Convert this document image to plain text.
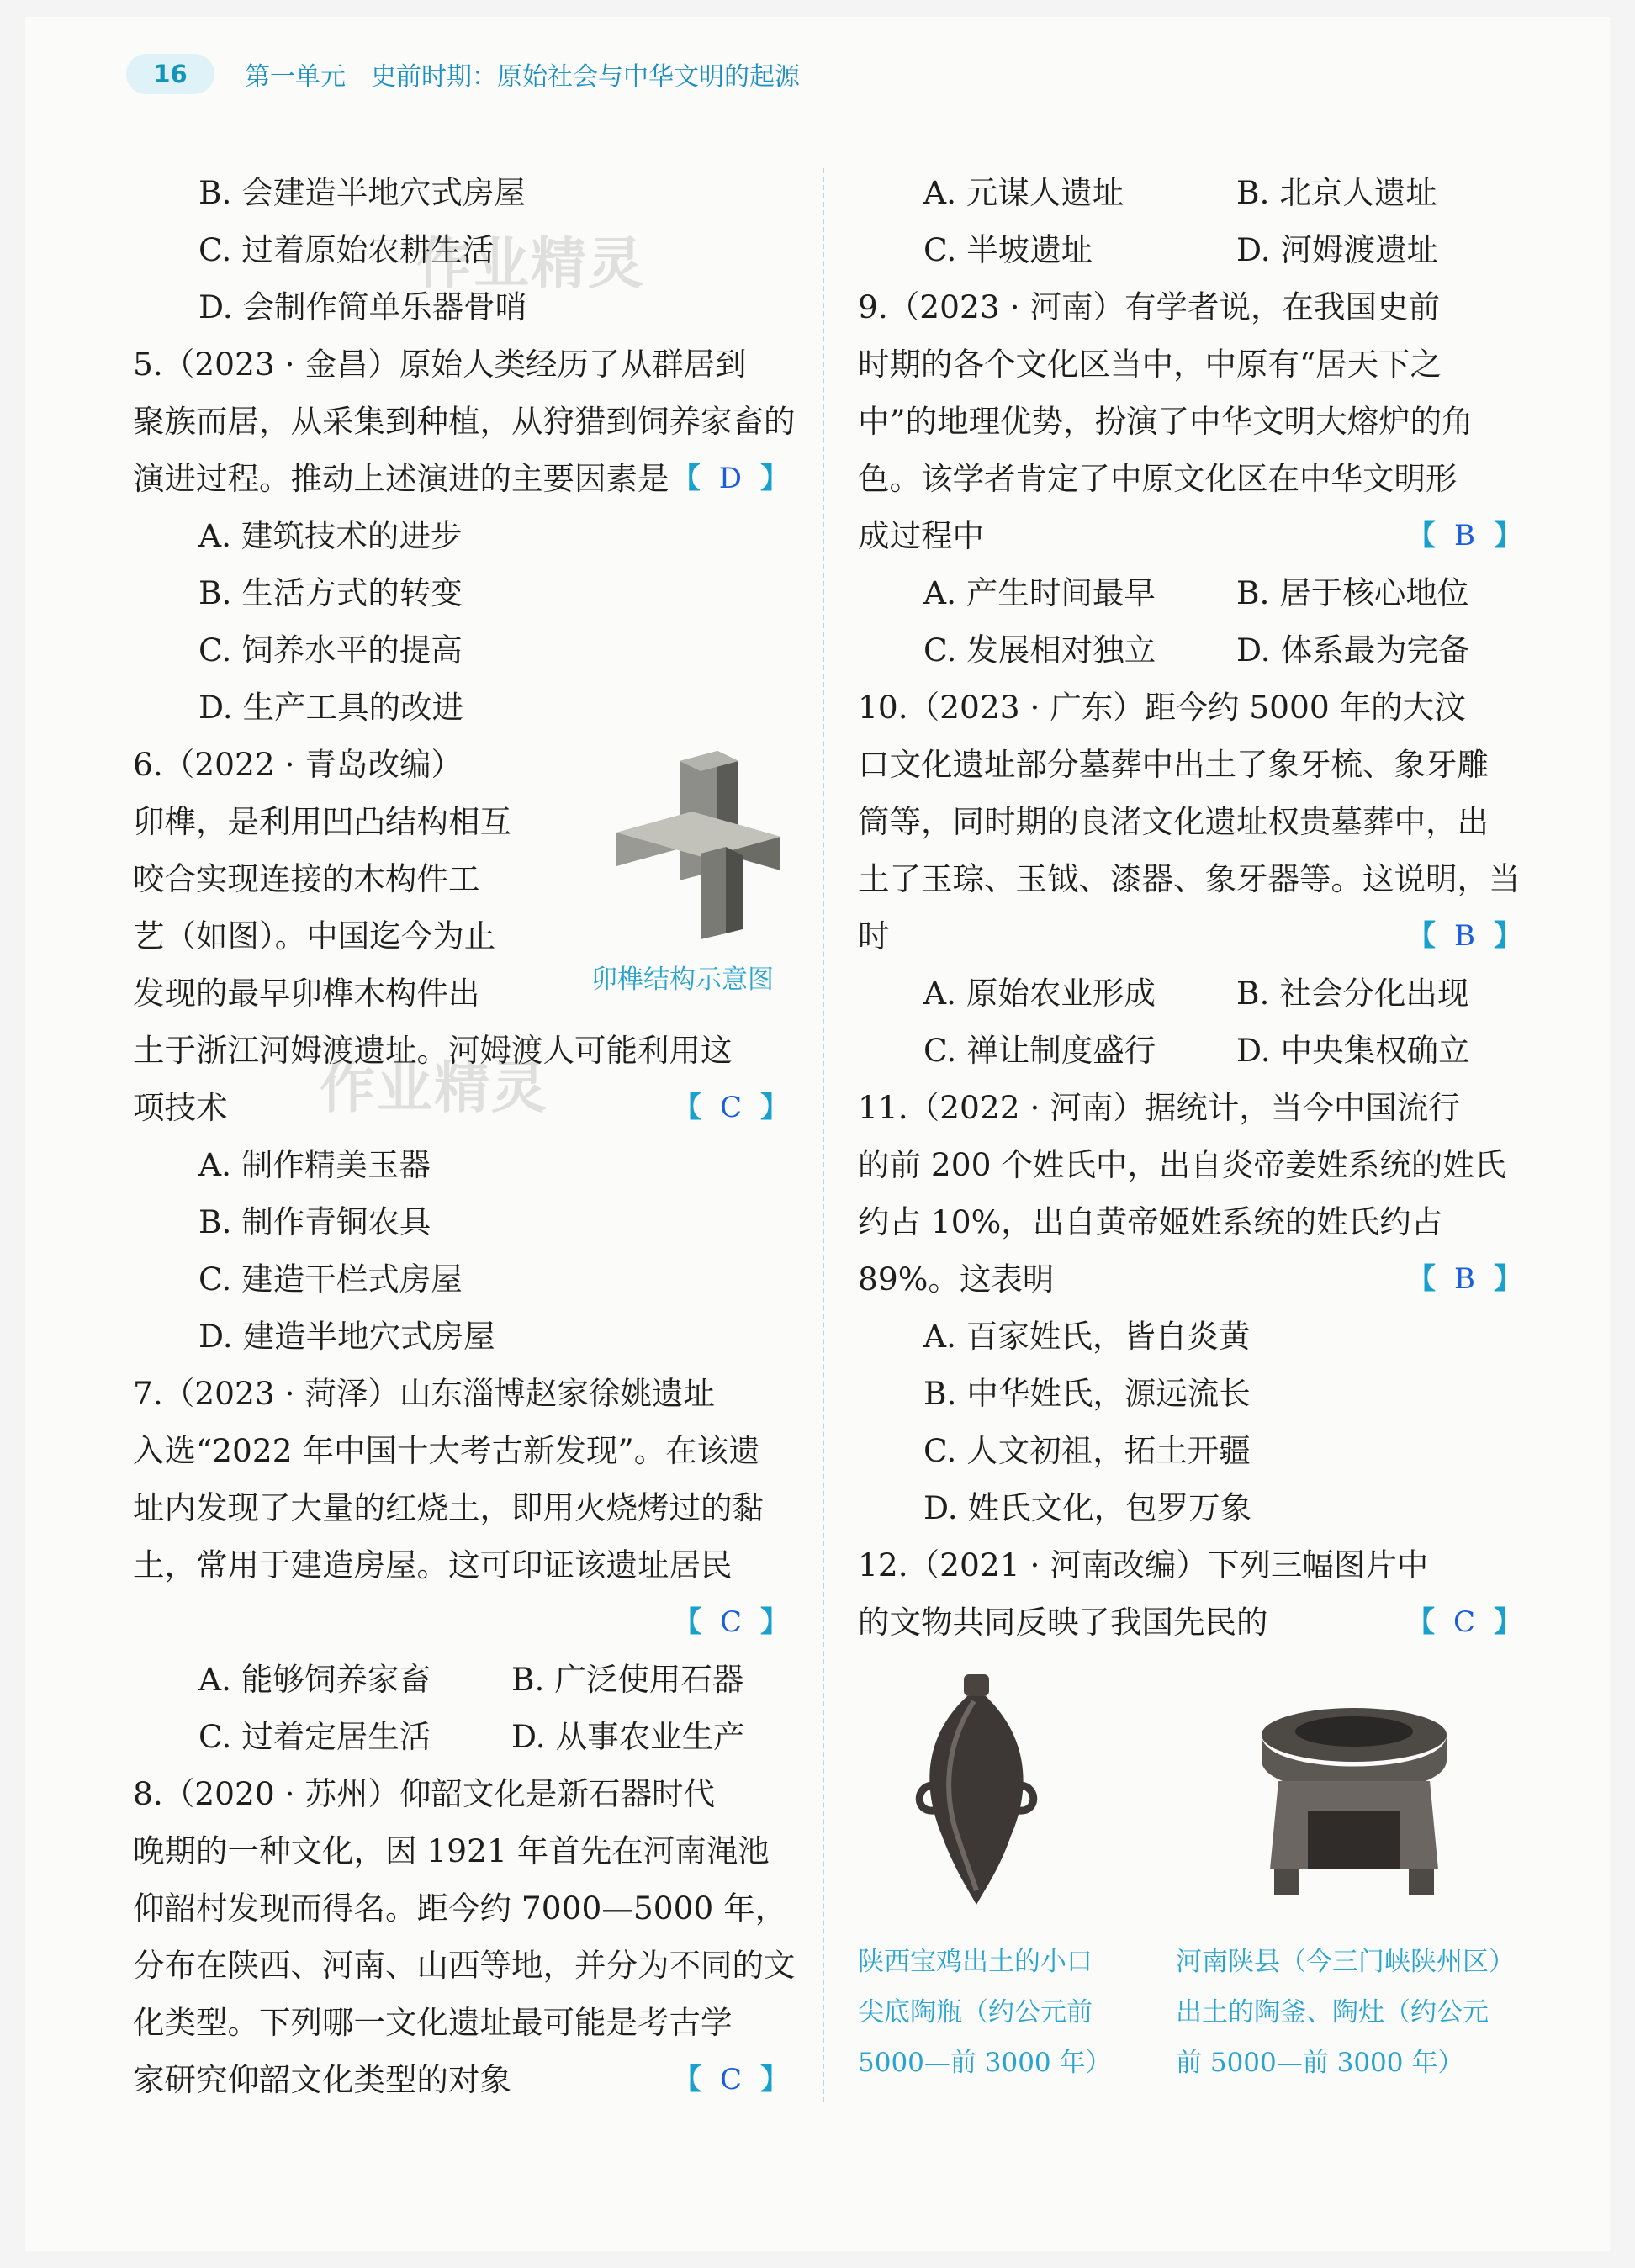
16	第一单元　史前时期：原始社会与中华文明的起源
作业精灵
作业精灵
B. 会建造半地穴式房屋
C. 过着原始农耕生活
D. 会制作简单乐器骨哨
5.（2023 · 金昌）原始人类经历了从群居到
聚族而居，从采集到种植，从狩猎到饲养家畜的
演进过程。推动上述演进的主要因素是 【 D 】
A. 建筑技术的进步
B. 生活方式的转变
C. 饲养水平的提高
D. 生产工具的改进
6.（2022 · 青岛改编）
卯榫，是利用凹凸结构相互
咬合实现连接的木构件工
艺（如图）。中国迄今为止
发现的最早卯榫木构件出	卯榫结构示意图
土于浙江河姆渡遗址。河姆渡人可能利用这
项技术	【 C 】
A. 制作精美玉器
B. 制作青铜农具
C. 建造干栏式房屋
D. 建造半地穴式房屋
7.（2023 · 菏泽）山东淄博赵家徐姚遗址
入选“2022 年中国十大考古新发现”。在该遗
址内发现了大量的红烧土，即用火烧烤过的黏
土，常用于建造房屋。这可印证该遗址居民

【 C 】
A. 能够饲养家畜	B. 广泛使用石器
C. 过着定居生活	D. 从事农业生产
8.（2020 · 苏州）仰韶文化是新石器时代
晚期的一种文化，因 1921 年首先在河南渑池
仰韶村发现而得名。距今约 7000—5000 年，
分布在陕西、河南、山西等地，并分为不同的文
化类型。下列哪一文化遗址最可能是考古学
家研究仰韶文化类型的对象	【 C 】
A. 元谋人遗址	B. 北京人遗址
C. 半坡遗址	D. 河姆渡遗址
9.（2023 · 河南）有学者说，在我国史前
时期的各个文化区当中，中原有“居天下之
中”的地理优势，扮演了中华文明大熔炉的角
色。该学者肯定了中原文化区在中华文明形
成过程中	【 B 】
A. 产生时间最早	B. 居于核心地位
C. 发展相对独立	D. 体系最为完备
10.（2023 · 广东）距今约 5000 年的大汶
口文化遗址部分墓葬中出土了象牙梳、象牙雕
筒等，同时期的良渚文化遗址权贵墓葬中，出
土了玉琮、玉钺、漆器、象牙器等。这说明，当
时	【 B 】
A. 原始农业形成	B. 社会分化出现
C. 禅让制度盛行	D. 中央集权确立
11.（2022 · 河南）据统计，当今中国流行
的前 200 个姓氏中，出自炎帝姜姓系统的姓氏
约占 10%，出自黄帝姬姓系统的姓氏约占
89%。这表明	【 B 】
A. 百家姓氏，皆自炎黄
B. 中华姓氏，源远流长
C. 人文初祖，拓土开疆
D. 姓氏文化，包罗万象
12.（2021 · 河南改编）下列三幅图片中
的文物共同反映了我国先民的	【 C 】
陕西宝鸡出土的小口
尖底陶瓶（约公元前
5000—前 3000 年）
河南陕县（今三门峡陕州区）
出土的陶釜、陶灶（约公元
前 5000—前 3000 年）
